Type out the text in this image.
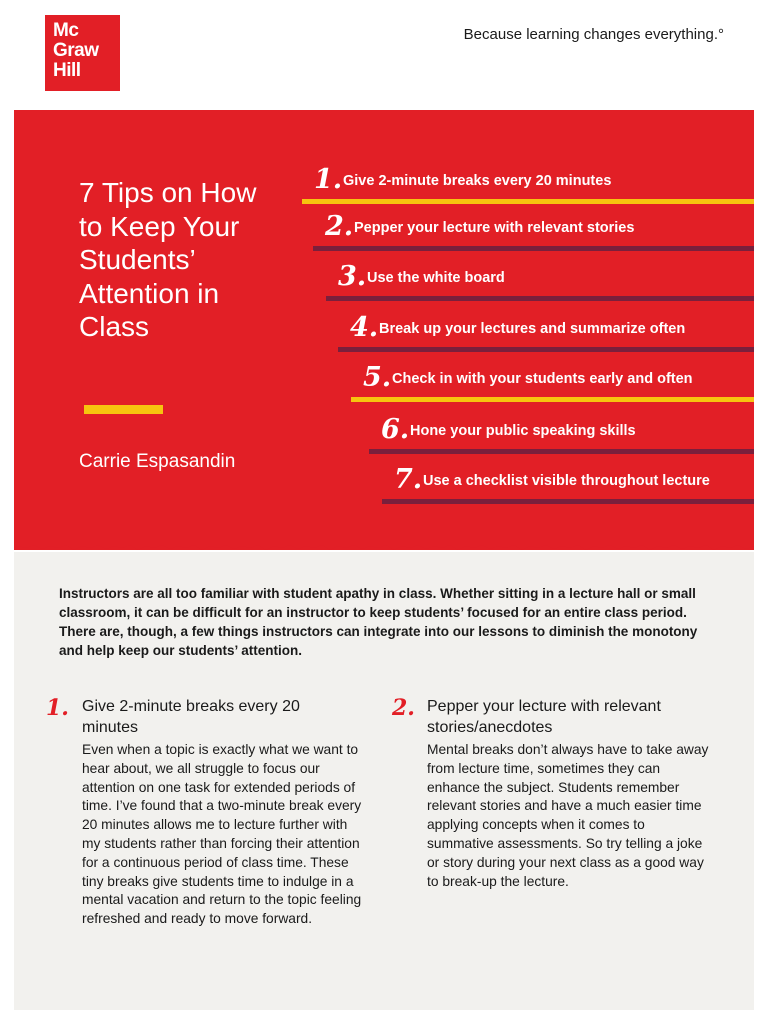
Mc
Graw
Hill
Because learning changes everything.°
7 Tips on How to Keep Your Students’ Attention in Class
Carrie Espasandin
1. Give 2-minute breaks every 20 minutes
2. Pepper your lecture with relevant stories
3. Use the white board
4. Break up your lectures and summarize often
5. Check in with your students early and often
6. Hone your public speaking skills
7. Use a checklist visible throughout lecture

Instructors are all too familiar with student apathy in class. Whether sitting in a lecture hall or small classroom, it can be difficult for an instructor to keep students’ focused for an entire class period. There are, though, a few things instructors can integrate into our lessons to diminish the monotony and help keep our students’ attention.

1. Give 2-minute breaks every 20 minutes

Even when a topic is exactly what we want to hear about, we all struggle to focus our attention on one task for extended periods of time. I’ve found that a two-minute break every 20 minutes allows me to lecture further with my students rather than forcing their attention for a continuous period of class time. These tiny breaks give students time to indulge in a mental vacation and return to the topic feeling refreshed and ready to move forward.

2. Pepper your lecture with relevant stories/anecdotes

Mental breaks don’t always have to take away from lecture time, sometimes they can enhance the subject. Students remember relevant stories and have a much easier time applying concepts when it comes to summative assessments. So try telling a joke or story during your next class as a good way to break-up the lecture.
